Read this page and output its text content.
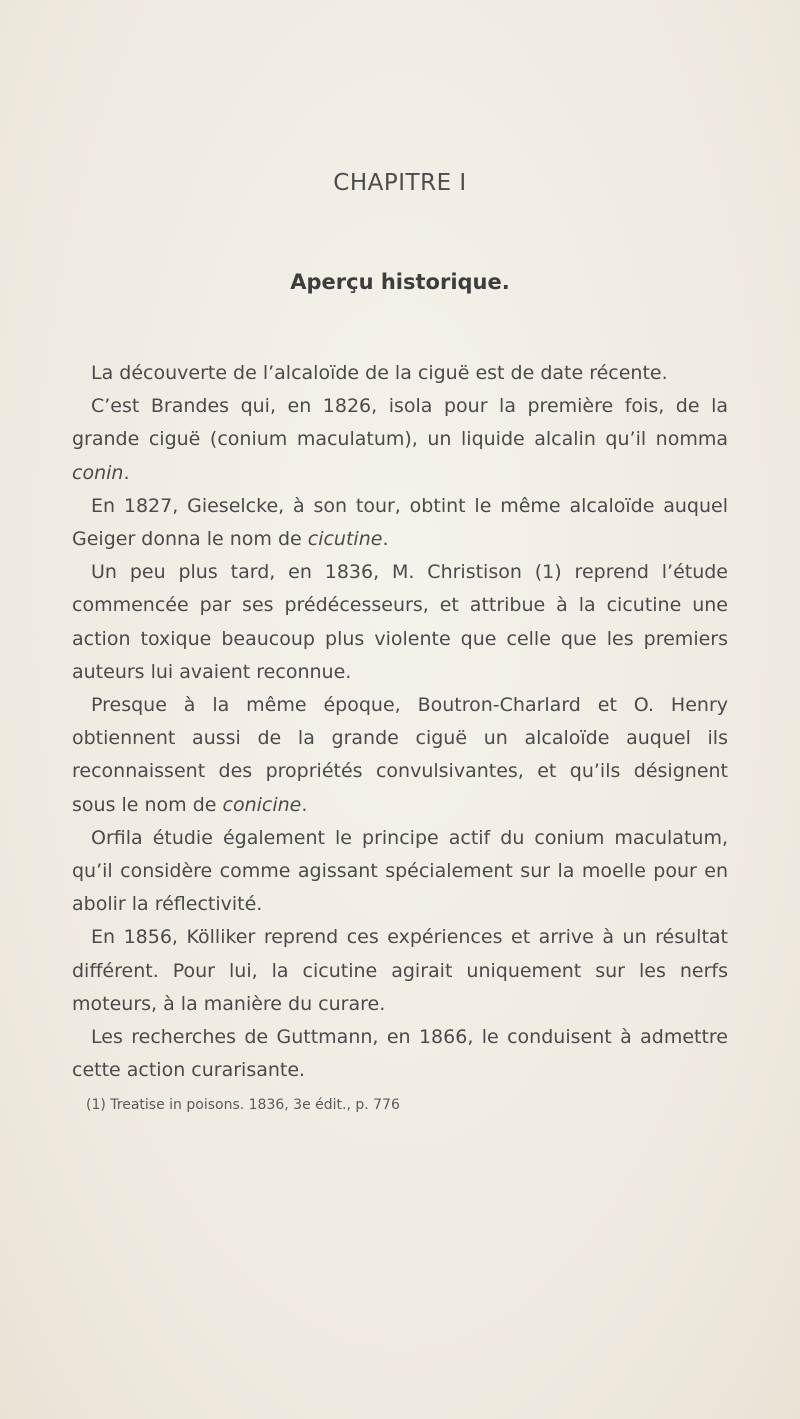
CHAPITRE I
Aperçu historique.

La découverte de l’alcaloïde de la ciguë est de date récente.

C’est Brandes qui, en 1826, isola pour la première fois, de la grande ciguë (conium maculatum), un liquide alcalin qu’il nomma conin.

En 1827, Gieselcke, à son tour, obtint le même alcaloïde auquel Geiger donna le nom de cicutine.

Un peu plus tard, en 1836, M. Christison (1) reprend l’étude commencée par ses prédécesseurs, et attribue à la cicutine une action toxique beaucoup plus violente que celle que les premiers auteurs lui avaient reconnue.

Presque à la même époque, Boutron-Charlard et O. Henry obtiennent aussi de la grande ciguë un alcaloïde auquel ils reconnaissent des propriétés convulsivantes, et qu’ils désignent sous le nom de conicine.

Orfila étudie également le principe actif du conium maculatum, qu’il considère comme agissant spécialement sur la moelle pour en abolir la réflectivité.

En 1856, Kölliker reprend ces expériences et arrive à un résultat différent. Pour lui, la cicutine agirait uniquement sur les nerfs moteurs, à la manière du curare.

Les recherches de Guttmann, en 1866, le conduisent à admettre cette action curarisante.

(1) Treatise in poisons. 1836, 3e édit., p. 776
